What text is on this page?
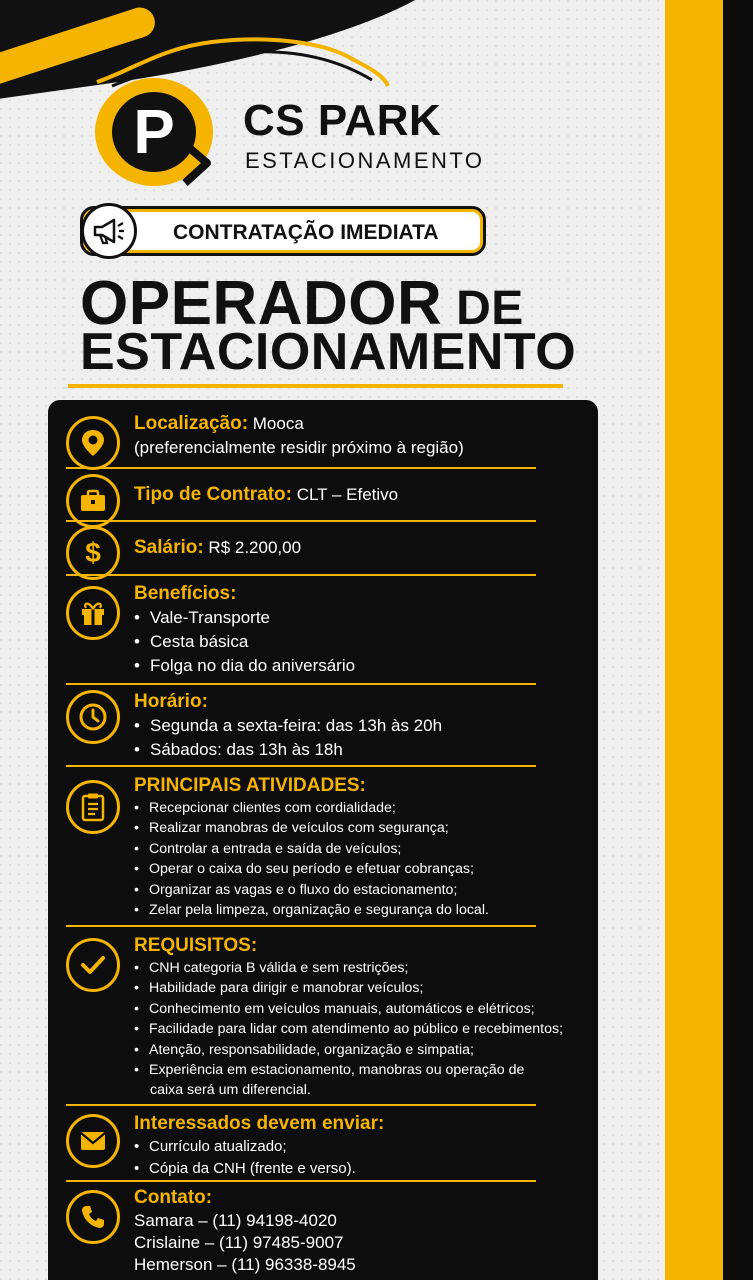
P	CS PARK
ESTACIONAMENTO
CONTRATAÇÃO IMEDIATA
OPERADOR DE
ESTACIONAMENTO
Localização: Mooca
(preferencialmente residir próximo à região)
Tipo de Contrato: CLT – Efetivo
$ Salário: R$ 2.200,00
Benefícios:
• Vale-Transporte
• Cesta básica
• Folga no dia do aniversário
Horário:
• Segunda a sexta-feira: das 13h às 20h
• Sábados: das 13h às 18h
PRINCIPAIS ATIVIDADES:
• Recepcionar clientes com cordialidade;
• Realizar manobras de veículos com segurança;
• Controlar a entrada e saída de veículos;
• Operar o caixa do seu período e efetuar cobranças;
• Organizar as vagas e o fluxo do estacionamento;
• Zelar pela limpeza, organização e segurança do local.
REQUISITOS:
• CNH categoria B válida e sem restrições;
• Habilidade para dirigir e manobrar veículos;
• Conhecimento em veículos manuais, automáticos e elétricos;
• Facilidade para lidar com atendimento ao público e recebimentos;
• Atenção, responsabilidade, organização e simpatia;
• Experiência em estacionamento, manobras ou operação de
caixa será um diferencial.
Interessados devem enviar:
• Currículo atualizado;
• Cópia da CNH (frente e verso).
Contato:
Samara – (11) 94198-4020
Crislaine – (11) 97485-9007
Hemerson – (11) 96338-8945
